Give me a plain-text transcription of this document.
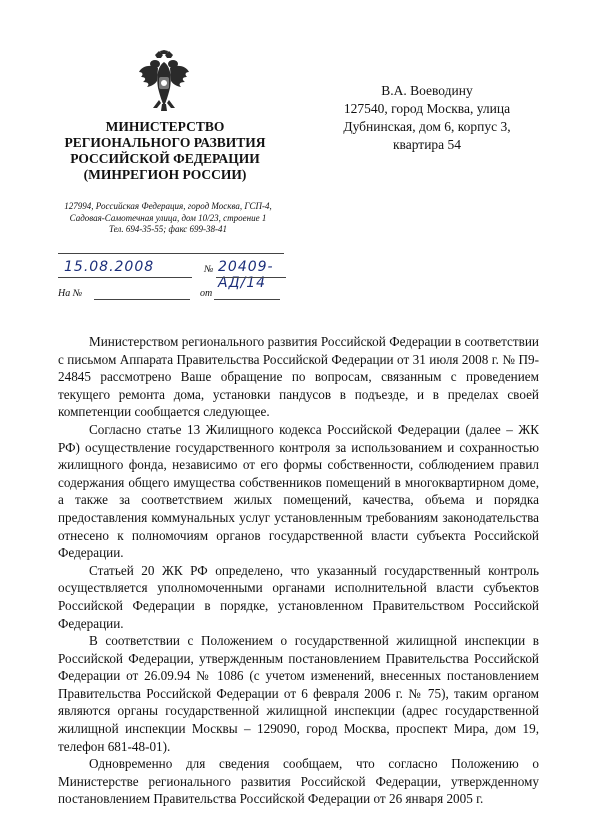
МИНИСТЕРСТВО
РЕГИОНАЛЬНОГО РАЗВИТИЯ
РОССИЙСКОЙ ФЕДЕРАЦИИ
(МИНРЕГИОН РОССИИ)
127994, Российская Федерация, город Москва, ГСП-4,
Садовая-Самотечная улица, дом 10/23, строение 1
Тел. 694-35-55; факс 699-38-41
В.А. Воеводину
127540, город Москва, улица
Дубнинская, дом 6, корпус 3,
квартира 54
15.08.2008	№ 20409-АД/14
На №	от

Министерством регионального развития Российской Федерации в соответствии с письмом Аппарата Правительства Российской Федерации от 31 июля 2008 г. № П9-24845 рассмотрено Ваше обращение по вопросам, связанным с проведением текущего ремонта дома, установки пандусов в подъезде, и в пределах своей компетенции сообщается следующее.

Согласно статье 13 Жилищного кодекса Российской Федерации (далее – ЖК РФ) осуществление государственного контроля за использованием и сохранностью жилищного фонда, независимо от его формы собственности, соблюдением правил содержания общего имущества собственников помещений в многоквартирном доме, а также за соответствием жилых помещений, качества, объема и порядка предоставления коммунальных услуг установленным требованиям законодательства отнесено к полномочиям органов государственной власти субъекта Российской Федерации.

Статьей 20 ЖК РФ определено, что указанный государственный контроль осуществляется уполномоченными органами исполнительной власти субъектов Российской Федерации в порядке, установленном Правительством Российской Федерации.

В соответствии с Положением о государственной жилищной инспекции в Российской Федерации, утвержденным постановлением Правительства Российской Федерации от 26.09.94 № 1086 (с учетом изменений, внесенных постановлением Правительства Российской Федерации от 6 февраля 2006 г. № 75), таким органом являются органы государственной жилищной инспекции (адрес государственной жилищной инспекции Москвы – 129090, город Москва, проспект Мира, дом 19, телефон 681-48-01).

Одновременно для сведения сообщаем, что согласно Положению о Министерстве регионального развития Российской Федерации, утвержденному постановлением Правительства Российской Федерации от 26 января 2005 г.
